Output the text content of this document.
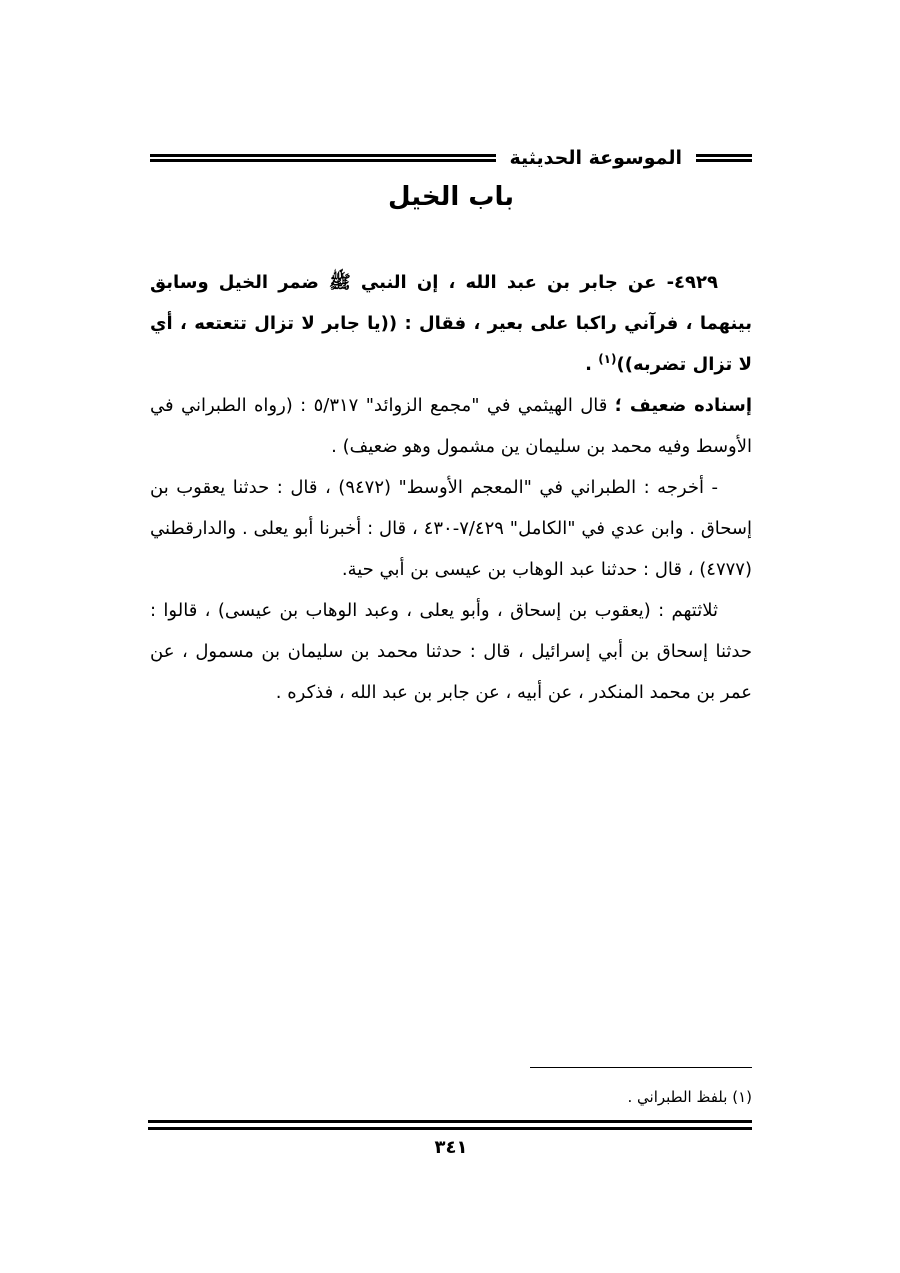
الموسوعة الحديثية
باب الخيل

٤٩٢٩- عن جابر بن عبد الله ، إن النبي ﷺ ضمر الخيل وسابق بينهما ، فرآني راكبا على بعير ، فقال : ((يا جابر لا تزال تتعتعه ، أي لا تزال تضربه))$^{(١)}$ .

إسناده ضعيف ؛ قال الهيثمي في "مجمع الزوائد" ٥/٣١٧ : (رواه الطبراني في الأوسط وفيه محمد بن سليمان ين مشمول وهو ضعيف) .

- أخرجه : الطبراني في "المعجم الأوسط" (٩٤٧٢) ، قال : حدثنا يعقوب بن إسحاق . وابن عدي في "الكامل" ٧/٤٢٩-٤٣٠ ، قال : أخبرنا أبو يعلى . والدارقطني (٤٧٧٧) ، قال : حدثنا عبد الوهاب بن عيسى بن أبي حية.

ثلاثتهم : (يعقوب بن إسحاق ، وأبو يعلى ، وعبد الوهاب بن عيسى) ، قالوا : حدثنا إسحاق بن أبي إسرائيل ، قال : حدثنا محمد بن سليمان بن مسمول ، عن عمر بن محمد المنكدر ، عن أبيه ، عن جابر بن عبد الله ، فذكره .

(١) بلفظ الطبراني .
٣٤١
